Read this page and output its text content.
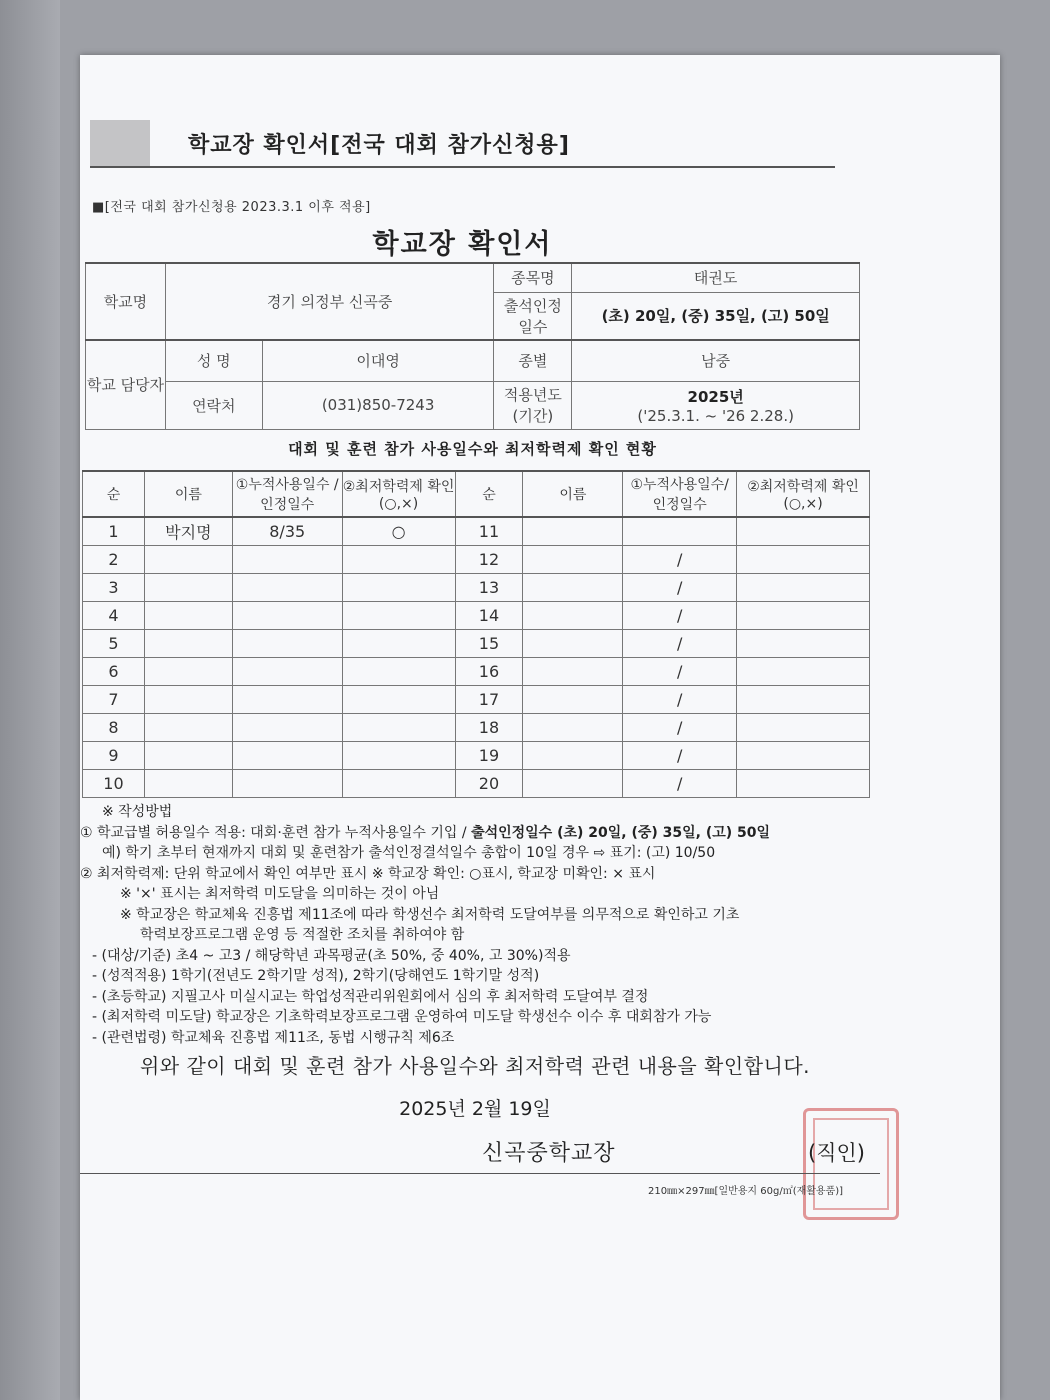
학교장 확인서[전국 대회 참가신청용]
■[전국 대회 참가신청용 2023.3.1 이후 적용]
학교장 확인서
학교명	경기 의정부 신곡중		종목명	태권도
			출석인정 일수	(초) 20일, (중) 35일, (고) 50일
학교 담당자	성 명	이대영	종별	남중
	연락처	(031)850-7243	적용년도 (기간)	2025년
('25.3.1. ~ '26 2.28.)
대회 및 훈련 참가 사용일수와 최저학력제 확인 현황
순	이름	①누적사용일수 /인정일수	②최저학력제 확인(○,×)	순	이름	①누적사용일수/ 인정일수	②최저학력제 확인(○,×)
1	박지명	8/35	○	11			
2				12		/	
3				13		/	
4				14		/	
5				15		/	
6				16		/	
7				17		/	
8				18		/	
9				19		/	
10				20		/	
※ 작성방법
① 학교급별 허용일수 적용: 대회·훈련 참가 누적사용일수 기입 / 출석인정일수 (초) 20일, (중) 35일, (고) 50일
예) 학기 초부터 현재까지 대회 및 훈련참가 출석인정결석일수 총합이 10일 경우 ⇨ 표기: (고) 10/50
② 최저학력제: 단위 학교에서 확인 여부만 표시 ※ 학교장 확인: ○표시, 학교장 미확인: × 표시
※ '×' 표시는 최저학력 미도달을 의미하는 것이 아님
※ 학교장은 학교체육 진흥법 제11조에 따라 학생선수 최저학력 도달여부를 의무적으로 확인하고 기초
학력보장프로그램 운영 등 적절한 조치를 취하여야 함
- (대상/기준) 초4 ~ 고3 / 해당학년 과목평균(초 50%, 중 40%, 고 30%)적용
- (성적적용) 1학기(전년도 2학기말 성적), 2학기(당해연도 1학기말 성적)
- (초등학교) 지필고사 미실시교는 학업성적관리위원회에서 심의 후 최저학력 도달여부 결정
- (최저학력 미도달) 학교장은 기초학력보장프로그램 운영하여 미도달 학생선수 이수 후 대회참가 가능
- (관련법령) 학교체육 진흥법 제11조, 동법 시행규칙 제6조
위와 같이 대회 및 훈련 참가 사용일수와 최저학력 관련 내용을 확인합니다.
2025년 2월 19일
신곡중학교장	(직인)
210㎜×297㎜[일반용지 60g/㎡(재활용품)]
